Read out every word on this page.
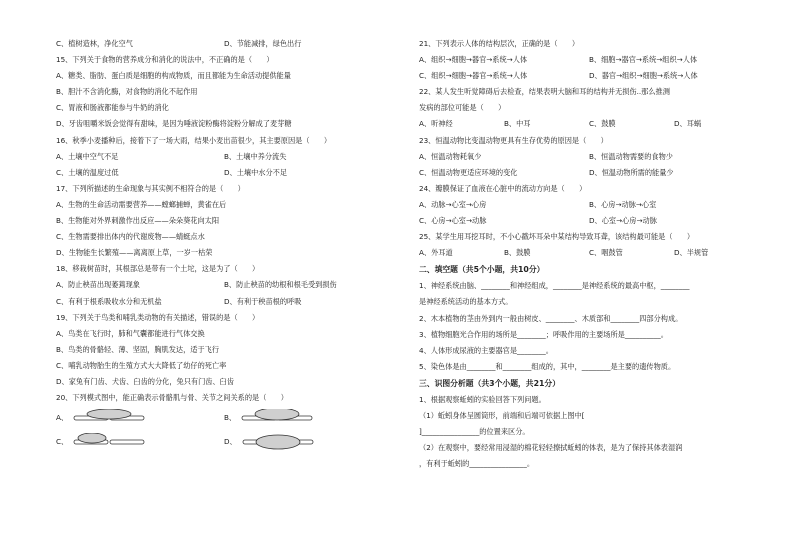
C、植树造林，净化空气	D、节能减排，绿色出行
15、下列关于食物的营养成分和消化的说法中，不正确的是（　　）
A、糖类、脂肪、蛋白质是细胞的构成物质，而且都能为生命活动提供能量
B、胆汁不含消化酶，对食物的消化不起作用
C、胃液和肠液都能参与牛奶的消化
D、牙齿咀嚼米饭会觉得有甜味，是因为唾液淀粉酶将淀粉分解成了麦芽糖
16、秋季小麦播种后，接着下了一场大雨，结果小麦出苗很少，其主要原因是（　　）
A、土壤中空气不足	B、土壤中养分流失
C、土壤的温度过低	D、土壤中水分不足
17、下列所描述的生命现象与其实例不相符合的是（　　）
A、生物的生命活动需要营养——螳螂捕蝉，黄雀在后
B、生物能对外界刺激作出反应——朵朵葵花向太阳
C、生物需要排出体内的代谢废物——蜻蜓点水
D、生物能生长繁殖——离离原上草，一岁一枯荣
18、移栽树苗时，其根部总是带有一个土坨，这是为了（　　）
A、防止秧苗出现萎蔫现象	B、防止秧苗的幼根和根毛受到损伤
C、有利于根系吸收水分和无机盐	D、有利于秧苗根的呼吸
19、下列关于鸟类和哺乳类动物的有关描述，错误的是（　　）
A、鸟类在飞行时，肺和气囊都能进行气体交换
B、鸟类的骨骼轻、薄、坚固，胸肌发达，适于飞行
C、哺乳动物胎生的生殖方式大大降低了幼仔的死亡率
D、家兔有门齿、犬齿、臼齿的分化，兔只有门齿、臼齿
20、下列模式图中，能正确表示骨骼肌与骨、关节之间关系的是（　　）
A、	B、
C、	D、
21、下列表示人体的结构层次，正确的是（　　）
A、组织→细胞→器官→系统→人体	B、细胞→器官→系统→组织→人体
C、组织→细胞→器官→系统→人体	D、器官→组织→细胞→系统→人体
22、某人发生听觉障碍后去检查，结果表明大脑和耳的结构并无损伤..那么推测
发病的部位可能是（　　）
A、听神经	B、中耳	C、鼓膜	D、耳蜗
23、恒温动物比变温动物更具有生存优势的原因是（　　）
A、恒温动物耗氧少	B、恒温动物需要的食物少
C、恒温动物更适应环境的变化	D、恒温动物所需的能量少
24、瓣膜保证了血液在心脏中的流动方向是（　　）
A、动脉→心室→心房	B、心房→动脉→心室
C、心房→心室→动脉	D、心室→心房→动脉
25、某学生用耳挖耳时，不小心戳坏耳朵中某结构导致耳聋，该结构最可能是（　　）
A、外耳道	B、鼓膜	C、咽鼓管	D、半规管
二、填空题（共5个小题，共10分）
1、神经系统由脑、________和神经组成，________是神经系统的最高中枢，________
是神经系统活动的基本方式。
2、木本植物的茎由外到内一般由树皮、________、木质部和________四部分构成。
3、植物细胞光合作用的场所是________；呼吸作用的主要场所是__________。
4、人体形成尿液的主要器官是________。
5、染色体是由________和________组成的，其中，________是主要的遗传物质。
三、识图分析题（共3个小题，共21分）
1、根据观察蚯蚓的实验回答下列问题。
（1）蚯蚓身体呈圆筒形，前端和后端可依据上图中[
]________________的位置来区分。
（2）在观察中，要经常用浸湿的棉花轻轻擦拭蚯蚓的体表，是为了保持其体表湿润
，有利于蚯蚓的________________。
